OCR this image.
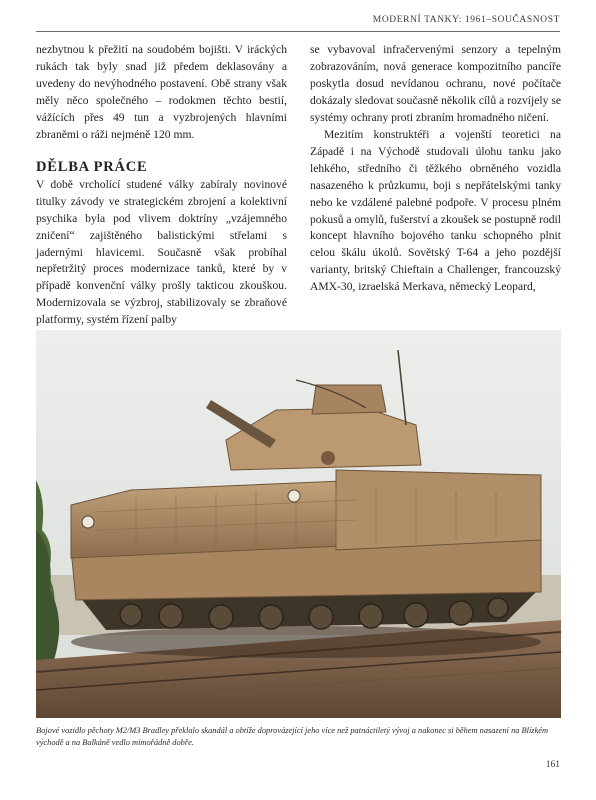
MODERNÍ TANKY: 1961–SOUČASNOST

nezbytnou k přežití na soudobém bojišti. V iráckých rukách tak byly snad již předem deklasovány a uvedeny do nevýhodného postavení. Obě strany však měly něco společného – rodokmen těchto bestií, vážících přes 49 tun a vyzbrojených hlavními zbraněmi o ráži nejméně 120 mm.

DĚLBA PRÁCE

V době vrcholící studené války zabíraly novinové titulky závody ve strategickém zbrojení a kolektivní psychika byla pod vlivem doktríny „vzájemného zničení“ zajištěného balistickými střelami s jadernými hlavicemi. Současně však probíhal nepřetržitý proces modernizace tanků, které by v případě konvenční války prošly takticou zkouškou. Modernizovala se výzbroj, stabilizovaly se zbraňové platformy, systém řízení palby

se vybavoval infračervenými senzory a tepelným zobrazováním, nová generace kompozitního pancíře poskytla dosud nevídanou ochranu, nové počítače dokázaly sledovat současně několik cílů a rozvíjely se systémy ochrany proti zbraním hromadného ničení.

Mezitím konstruktéři a vojenští teoretici na Západě i na Východě studovali úlohu tanku jako lehkého, středního či těžkého obrněného vozidla nasazeného k průzkumu, boji s nepřátelskými tanky nebo ke vzdálené palebné podpoře. V procesu plném pokusů a omylů, fušerství a zkoušek se postupně rodil koncept hlavního bojového tanku schopného plnit celou škálu úkolů. Sovětský T-64 a jeho pozdější varianty, britský Chieftain a Challenger, francouzský AMX-30, izraelská Merkava, německý Leopard,

Bojové vozidlo pěchoty M2/M3 Bradley překlalo skandál a obtíže doprovázející jeho více než patnáctiletý vývoj a nakonec si během nasazení na Blízkém východě a na Balkáně vedlo mimořádně dobře.
161
